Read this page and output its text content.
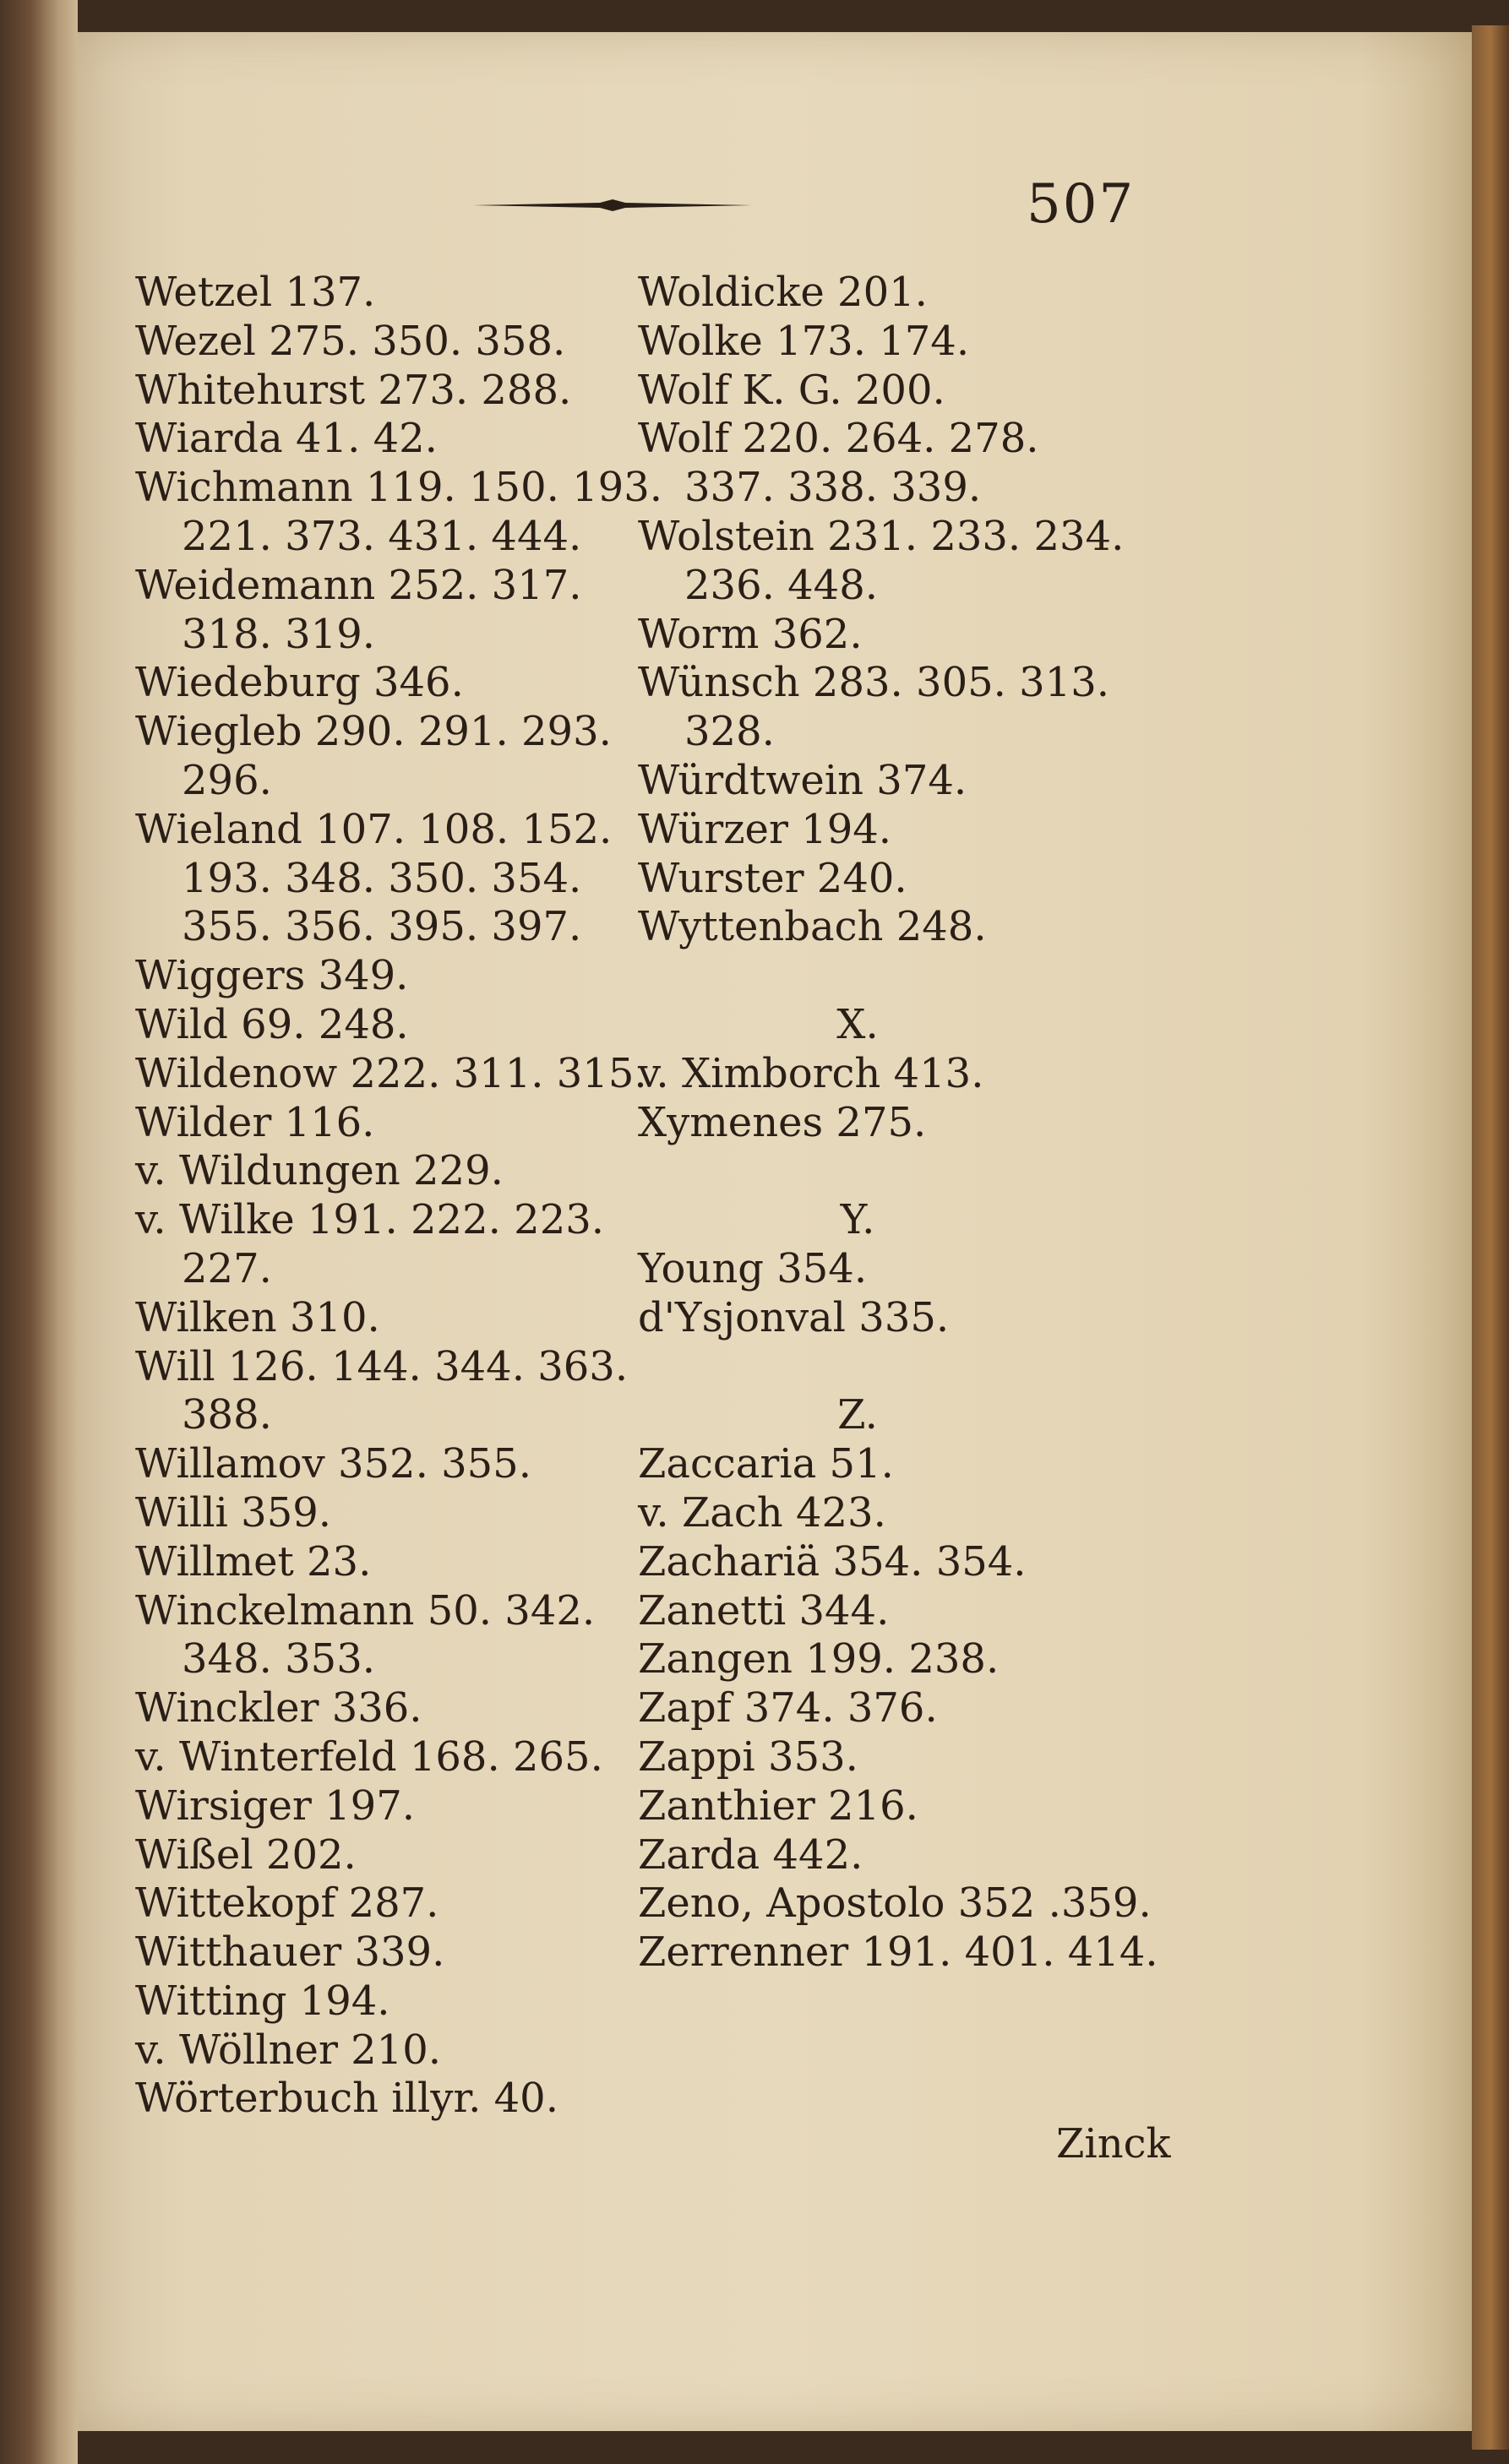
507
Wetzel 137.
Wezel 275. 350. 358.
Whitehurst 273. 288.
Wiarda 41. 42.
Wichmann 119. 150. 193.
221. 373. 431. 444.
Weidemann 252. 317.
318. 319.
Wiedeburg 346.
Wiegleb 290. 291. 293.
296.
Wieland 107. 108. 152.
193. 348. 350. 354.
355. 356. 395. 397.
Wiggers 349.
Wild 69. 248.
Wildenow 222. 311. 315.
Wilder 116.
v. Wildungen 229.
v. Wilke 191. 222. 223.
227.
Wilken 310.
Will 126. 144. 344. 363.
388.
Willamov 352. 355.
Willi 359.
Willmet 23.
Winckelmann 50. 342.
348. 353.
Winckler 336.
v. Winterfeld 168. 265.
Wirsiger 197.
Wißel 202.
Wittekopf 287.
Witthauer 339.
Witting 194.
v. Wöllner 210.
Wörterbuch illyr. 40.
Woldicke 201.
Wolke 173. 174.
Wolf K. G. 200.
Wolf 220. 264. 278.
337. 338. 339.
Wolstein 231. 233. 234.
236. 448.
Worm 362.
Wünsch 283. 305. 313.
328.
Würdtwein 374.
Würzer 194.
Wurster 240.
Wyttenbach 248.
X.
v. Ximborch 413.
Xymenes 275.
Y.
Young 354.
d'Ysjonval 335.
Z.
Zaccaria 51.
v. Zach 423.
Zachariä 354. 354.
Zanetti 344.
Zangen 199. 238.
Zapf 374. 376.
Zappi 353.
Zanthier 216.
Zarda 442.
Zeno, Apostolo 352 .359.
Zerrenner 191. 401. 414.
Zinck
